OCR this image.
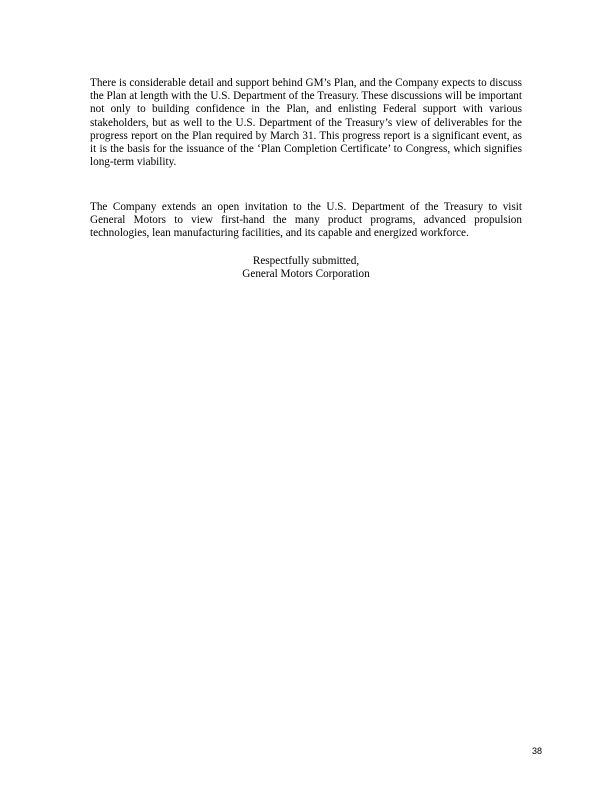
There is considerable detail and support behind GM’s Plan, and the Company expects to discuss the Plan at length with the U.S. Department of the Treasury. These discussions will be important not only to building confidence in the Plan, and enlisting Federal support with various stakeholders, but as well to the U.S. Department of the Treasury’s view of deliverables for the progress report on the Plan required by March 31. This progress report is a significant event, as it is the basis for the issuance of the ‘Plan Completion Certificate’ to Congress, which signifies long-term viability.

The Company extends an open invitation to the U.S. Department of the Treasury to visit General Motors to view first-hand the many product programs, advanced propulsion technologies, lean manufacturing facilities, and its capable and energized workforce.

Respectfully submitted,
General Motors Corporation
38
